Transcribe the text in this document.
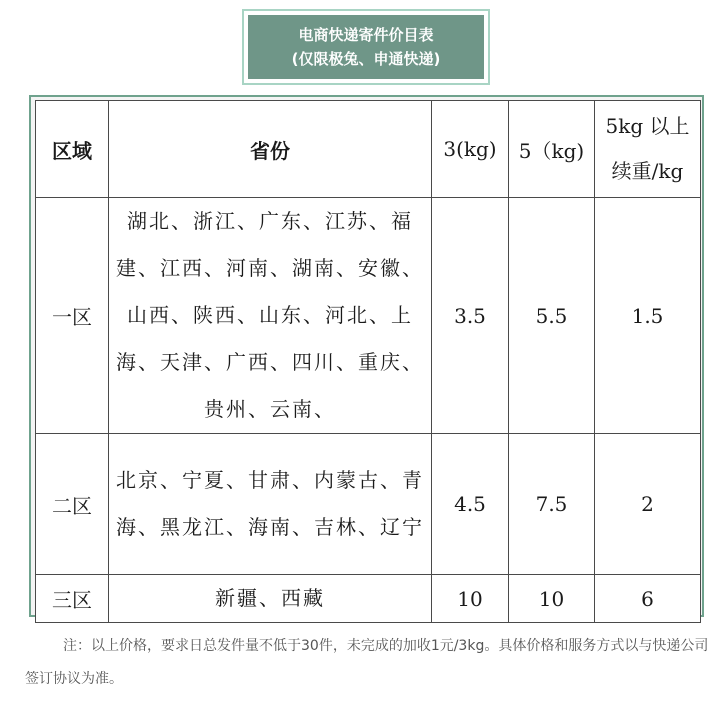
电商快递寄件价目表
(仅限极兔、申通快递)
区域	省份	3(kg)	5（kg)	5kg 以上
续重/kg

一区	湖北、浙江、广东、江苏、福建、江西、河南、湖南、安徽、山西、陕西、山东、河北、上海、天津、广西、四川、重庆、贵州、云南、	3.5	5.5	1.5
二区	北京、宁夏、甘肃、内蒙古、青海、黑龙江、海南、吉林、辽宁	4.5	7.5	2
三区	新疆、西藏	10	10	6
注：以上价格，要求日总发件量不低于30件，未完成的加收1元/3kg。具体价格和服务方式以与快递公司签订协议为准。
